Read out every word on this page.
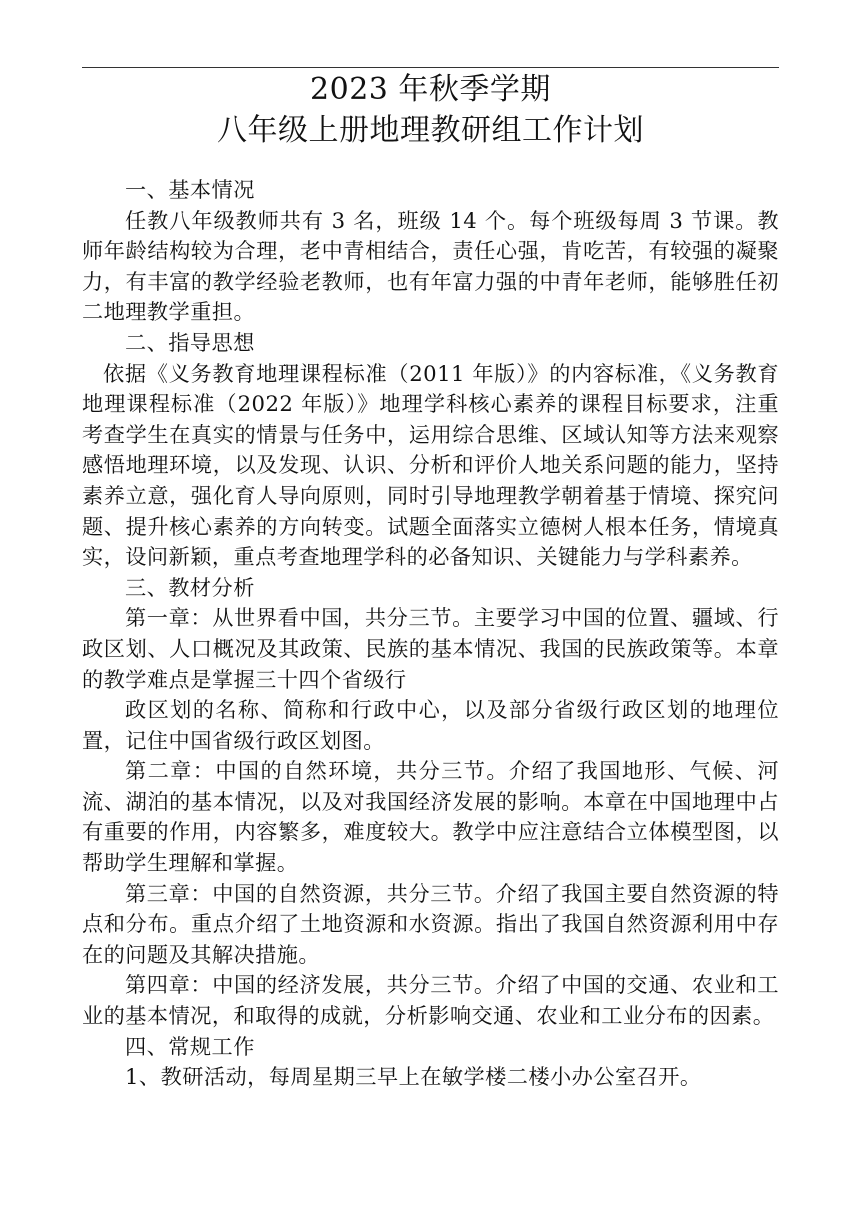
2023 年秋季学期
八年级上册地理教研组工作计划

一、基本情况

任教八年级教师共有 3 名，班级 14 个。每个班级每周 3 节课。教师年龄结构较为合理，老中青相结合，责任心强，肯吃苦，有较强的凝聚力，有丰富的教学经验老教师，也有年富力强的中青年老师，能够胜任初二地理教学重担。

二、指导思想

依据《义务教育地理课程标准（2011 年版）》的内容标准，《义务教育地理课程标准（2022 年版）》地理学科核心素养的课程目标要求，注重考查学生在真实的情景与任务中，运用综合思维、区域认知等方法来观察感悟地理环境，以及发现、认识、分析和评价人地关系问题的能力，坚持素养立意，强化育人导向原则，同时引导地理教学朝着基于情境、探究问题、提升核心素养的方向转变。试题全面落实立德树人根本任务，情境真实，设问新颖，重点考查地理学科的必备知识、关键能力与学科素养。

三、教材分析

第一章：从世界看中国，共分三节。主要学习中国的位置、疆域、行政区划、人口概况及其政策、民族的基本情况、我国的民族政策等。本章的教学难点是掌握三十四个省级行

政区划的名称、简称和行政中心，以及部分省级行政区划的地理位置，记住中国省级行政区划图。

第二章：中国的自然环境，共分三节。介绍了我国地形、气候、河流、湖泊的基本情况，以及对我国经济发展的影响。本章在中国地理中占有重要的作用，内容繁多，难度较大。教学中应注意结合立体模型图，以帮助学生理解和掌握。

第三章：中国的自然资源，共分三节。介绍了我国主要自然资源的特点和分布。重点介绍了土地资源和水资源。指出了我国自然资源利用中存在的问题及其解决措施。

第四章：中国的经济发展，共分三节。介绍了中国的交通、农业和工业的基本情况，和取得的成就，分析影响交通、农业和工业分布的因素。

四、常规工作

1、教研活动，每周星期三早上在敏学楼二楼小办公室召开。
